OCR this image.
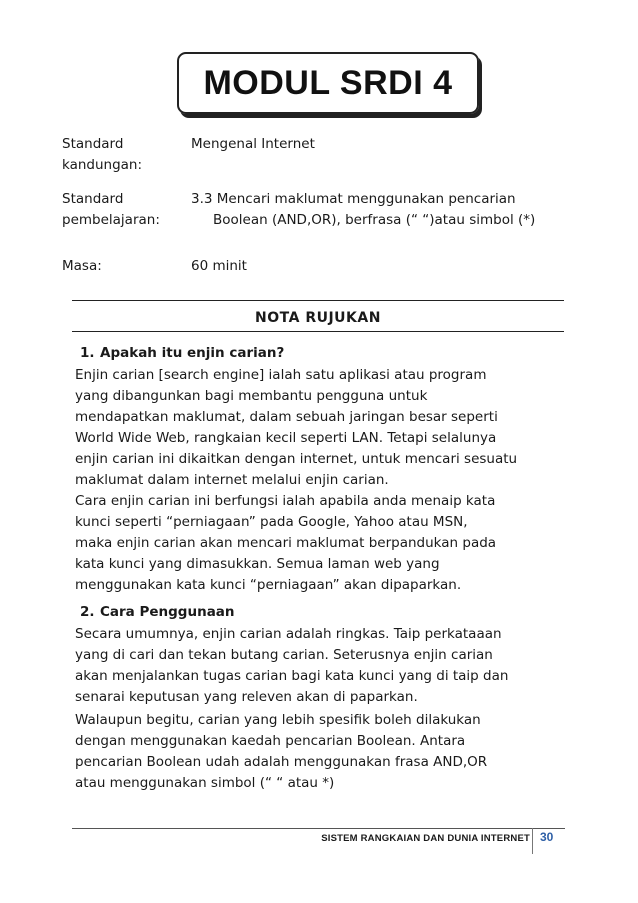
MODUL SRDI 4
Standard
kandungan:
Mengenal Internet
Standard
pembelajaran:
3.3 Mencari maklumat menggunakan pencarian
Boolean (AND,OR), berfrasa (“ “)atau simbol (*)
Masa:	60 minit
NOTA RUJUKAN
1. Apakah itu enjin carian?
Enjin carian [search engine] ialah satu aplikasi atau program
yang dibangunkan bagi membantu pengguna untuk
mendapatkan maklumat, dalam sebuah jaringan besar seperti
World Wide Web, rangkaian kecil seperti LAN. Tetapi selalunya
enjin carian ini dikaitkan dengan internet, untuk mencari sesuatu
maklumat dalam internet melalui enjin carian.
Cara enjin carian ini berfungsi ialah apabila anda menaip kata
kunci seperti “perniagaan” pada Google, Yahoo atau MSN,
maka enjin carian akan mencari maklumat berpandukan pada
kata kunci yang dimasukkan. Semua laman web yang
menggunakan kata kunci “perniagaan” akan dipaparkan.
2. Cara Penggunaan
Secara umumnya, enjin carian adalah ringkas. Taip perkataaan
yang di cari dan tekan butang carian. Seterusnya enjin carian
akan menjalankan tugas carian bagi kata kunci yang di taip dan
senarai keputusan yang releven akan di paparkan.
Walaupun begitu, carian yang lebih spesifik boleh dilakukan
dengan menggunakan kaedah pencarian Boolean. Antara
pencarian Boolean udah adalah menggunakan frasa AND,OR
atau menggunakan simbol (“ “ atau *)
SISTEM RANGKAIAN DAN DUNIA INTERNET 30
